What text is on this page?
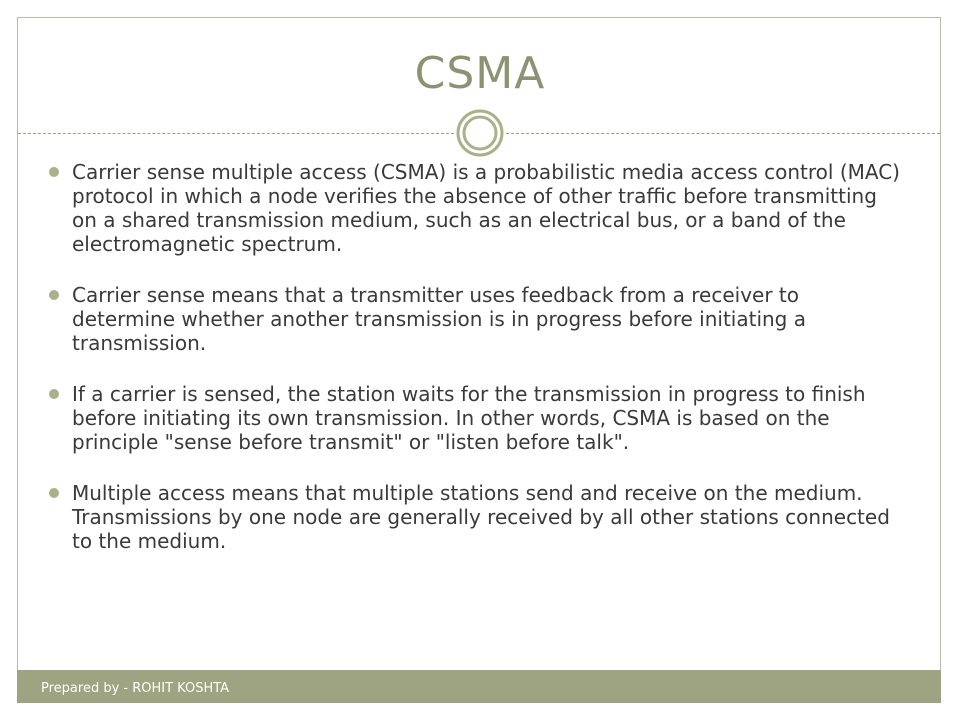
CSMA
Carrier sense multiple access (CSMA) is a probabilistic media access control (MAC) protocol in which a node verifies the absence of other traffic before transmitting on a shared transmission medium, such as an electrical bus, or a band of the electromagnetic spectrum.
Carrier sense means that a transmitter uses feedback from a receiver to determine whether another transmission is in progress before initiating a transmission.
If a carrier is sensed, the station waits for the transmission in progress to finish before initiating its own transmission. In other words, CSMA is based on the principle "sense before transmit" or "listen before talk".
Multiple access means that multiple stations send and receive on the medium. Transmissions by one node are generally received by all other stations connected to the medium.
Prepared by - ROHIT KOSHTA
